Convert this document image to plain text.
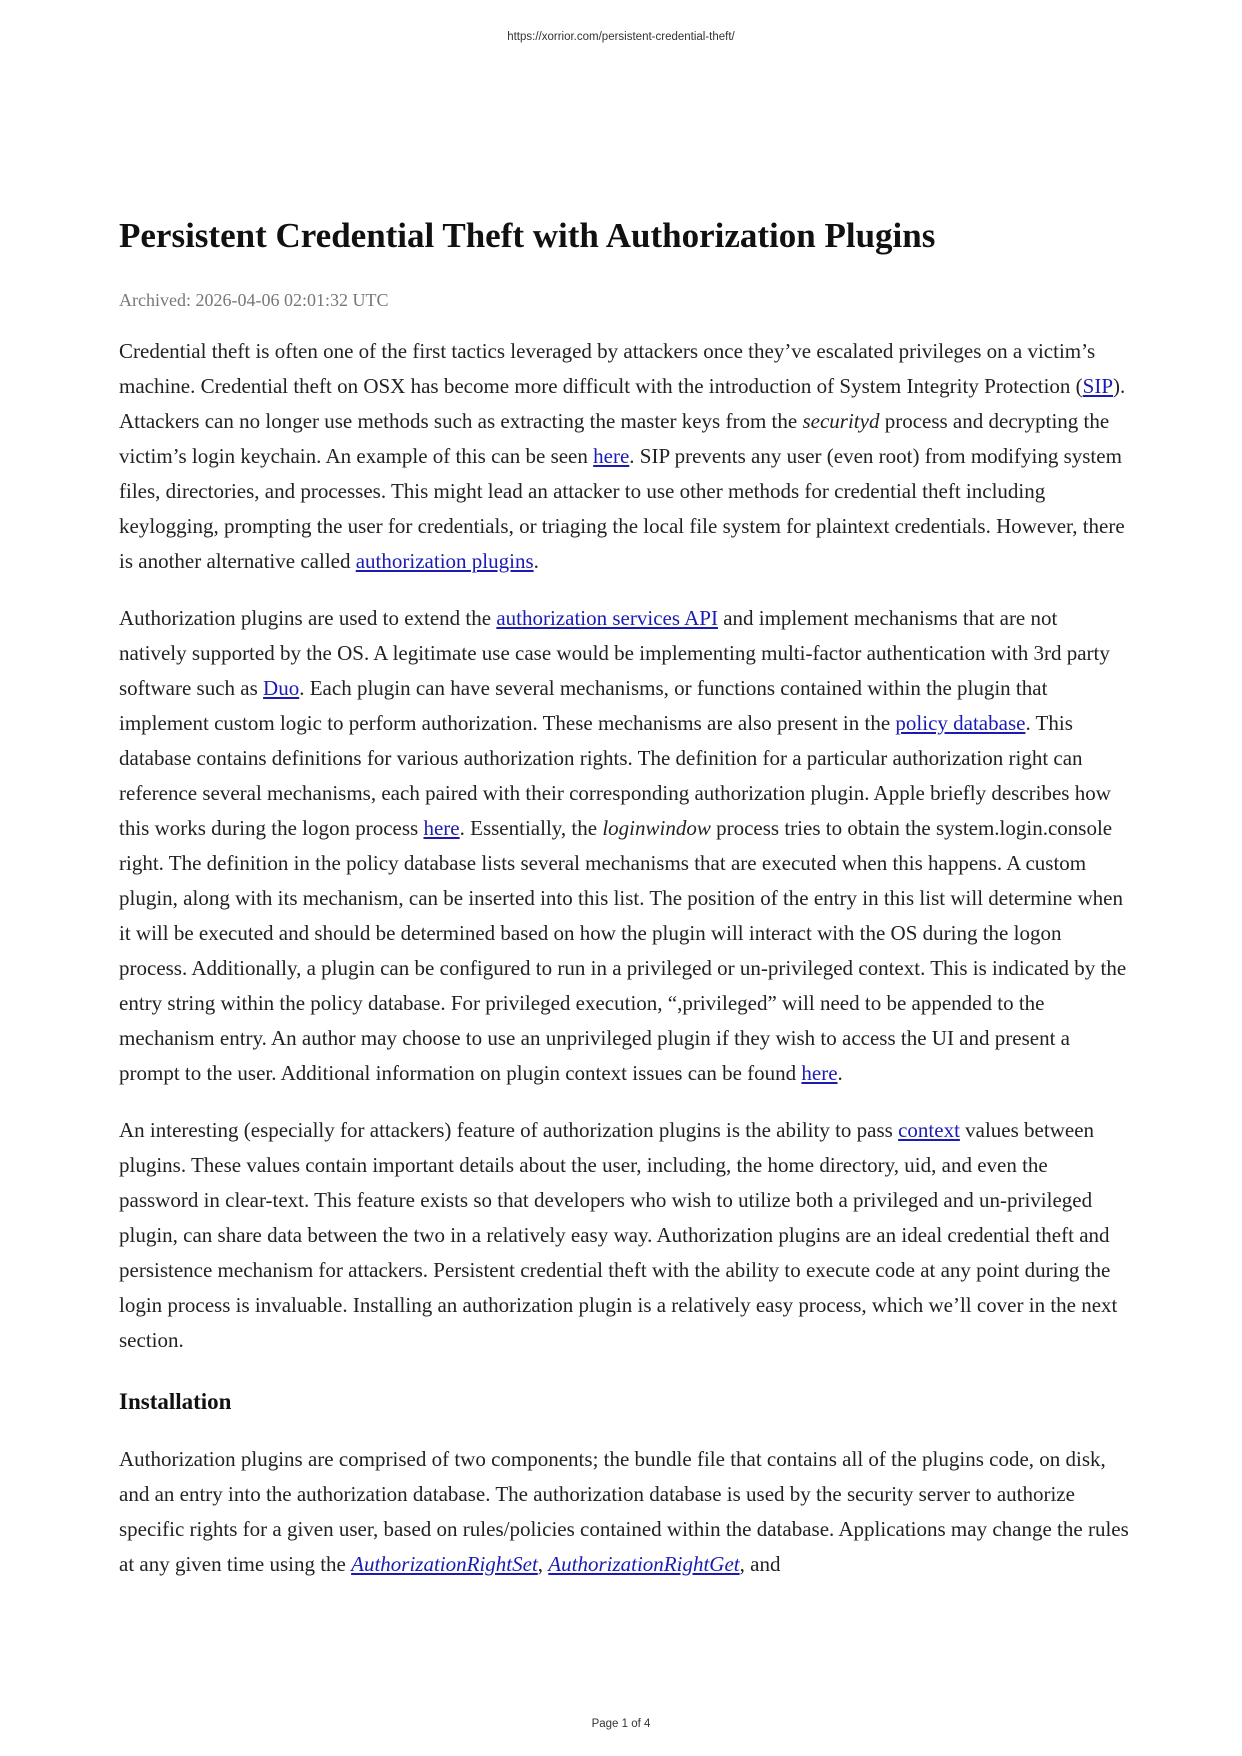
https://xorrior.com/persistent-credential-theft/
Persistent Credential Theft with Authorization Plugins
Archived: 2026-04-06 02:01:32 UTC

Credential theft is often one of the first tactics leveraged by attackers once they’ve escalated privileges on a victim’s machine. Credential theft on OSX has become more difficult with the introduction of System Integrity Protection (SIP). Attackers can no longer use methods such as extracting the master keys from the securityd process and decrypting the victim’s login keychain. An example of this can be seen here. SIP prevents any user (even root) from modifying system files, directories, and processes. This might lead an attacker to use other methods for credential theft including keylogging, prompting the user for credentials, or triaging the local file system for plaintext credentials. However, there is another alternative called authorization plugins.

Authorization plugins are used to extend the authorization services API and implement mechanisms that are not natively supported by the OS. A legitimate use case would be implementing multi-factor authentication with 3rd party software such as Duo. Each plugin can have several mechanisms, or functions contained within the plugin that implement custom logic to perform authorization. These mechanisms are also present in the policy database. This database contains definitions for various authorization rights. The definition for a particular authorization right can reference several mechanisms, each paired with their corresponding authorization plugin. Apple briefly describes how this works during the logon process here. Essentially, the loginwindow process tries to obtain the system.login.console right. The definition in the policy database lists several mechanisms that are executed when this happens. A custom plugin, along with its mechanism, can be inserted into this list. The position of the entry in this list will determine when it will be executed and should be determined based on how the plugin will interact with the OS during the logon process. Additionally, a plugin can be configured to run in a privileged or un-privileged context. This is indicated by the entry string within the policy database. For privileged execution, “,privileged” will need to be appended to the mechanism entry. An author may choose to use an unprivileged plugin if they wish to access the UI and present a prompt to the user. Additional information on plugin context issues can be found here.

An interesting (especially for attackers) feature of authorization plugins is the ability to pass context values between plugins. These values contain important details about the user, including, the home directory, uid, and even the password in clear-text. This feature exists so that developers who wish to utilize both a privileged and un-privileged plugin, can share data between the two in a relatively easy way. Authorization plugins are an ideal credential theft and persistence mechanism for attackers. Persistent credential theft with the ability to execute code at any point during the login process is invaluable. Installing an authorization plugin is a relatively easy process, which we’ll cover in the next section.

Installation

Authorization plugins are comprised of two components; the bundle file that contains all of the plugins code, on disk, and an entry into the authorization database. The authorization database is used by the security server to authorize specific rights for a given user, based on rules/policies contained within the database. Applications may change the rules at any given time using the AuthorizationRightSet, AuthorizationRightGet, and

Page 1 of 4
